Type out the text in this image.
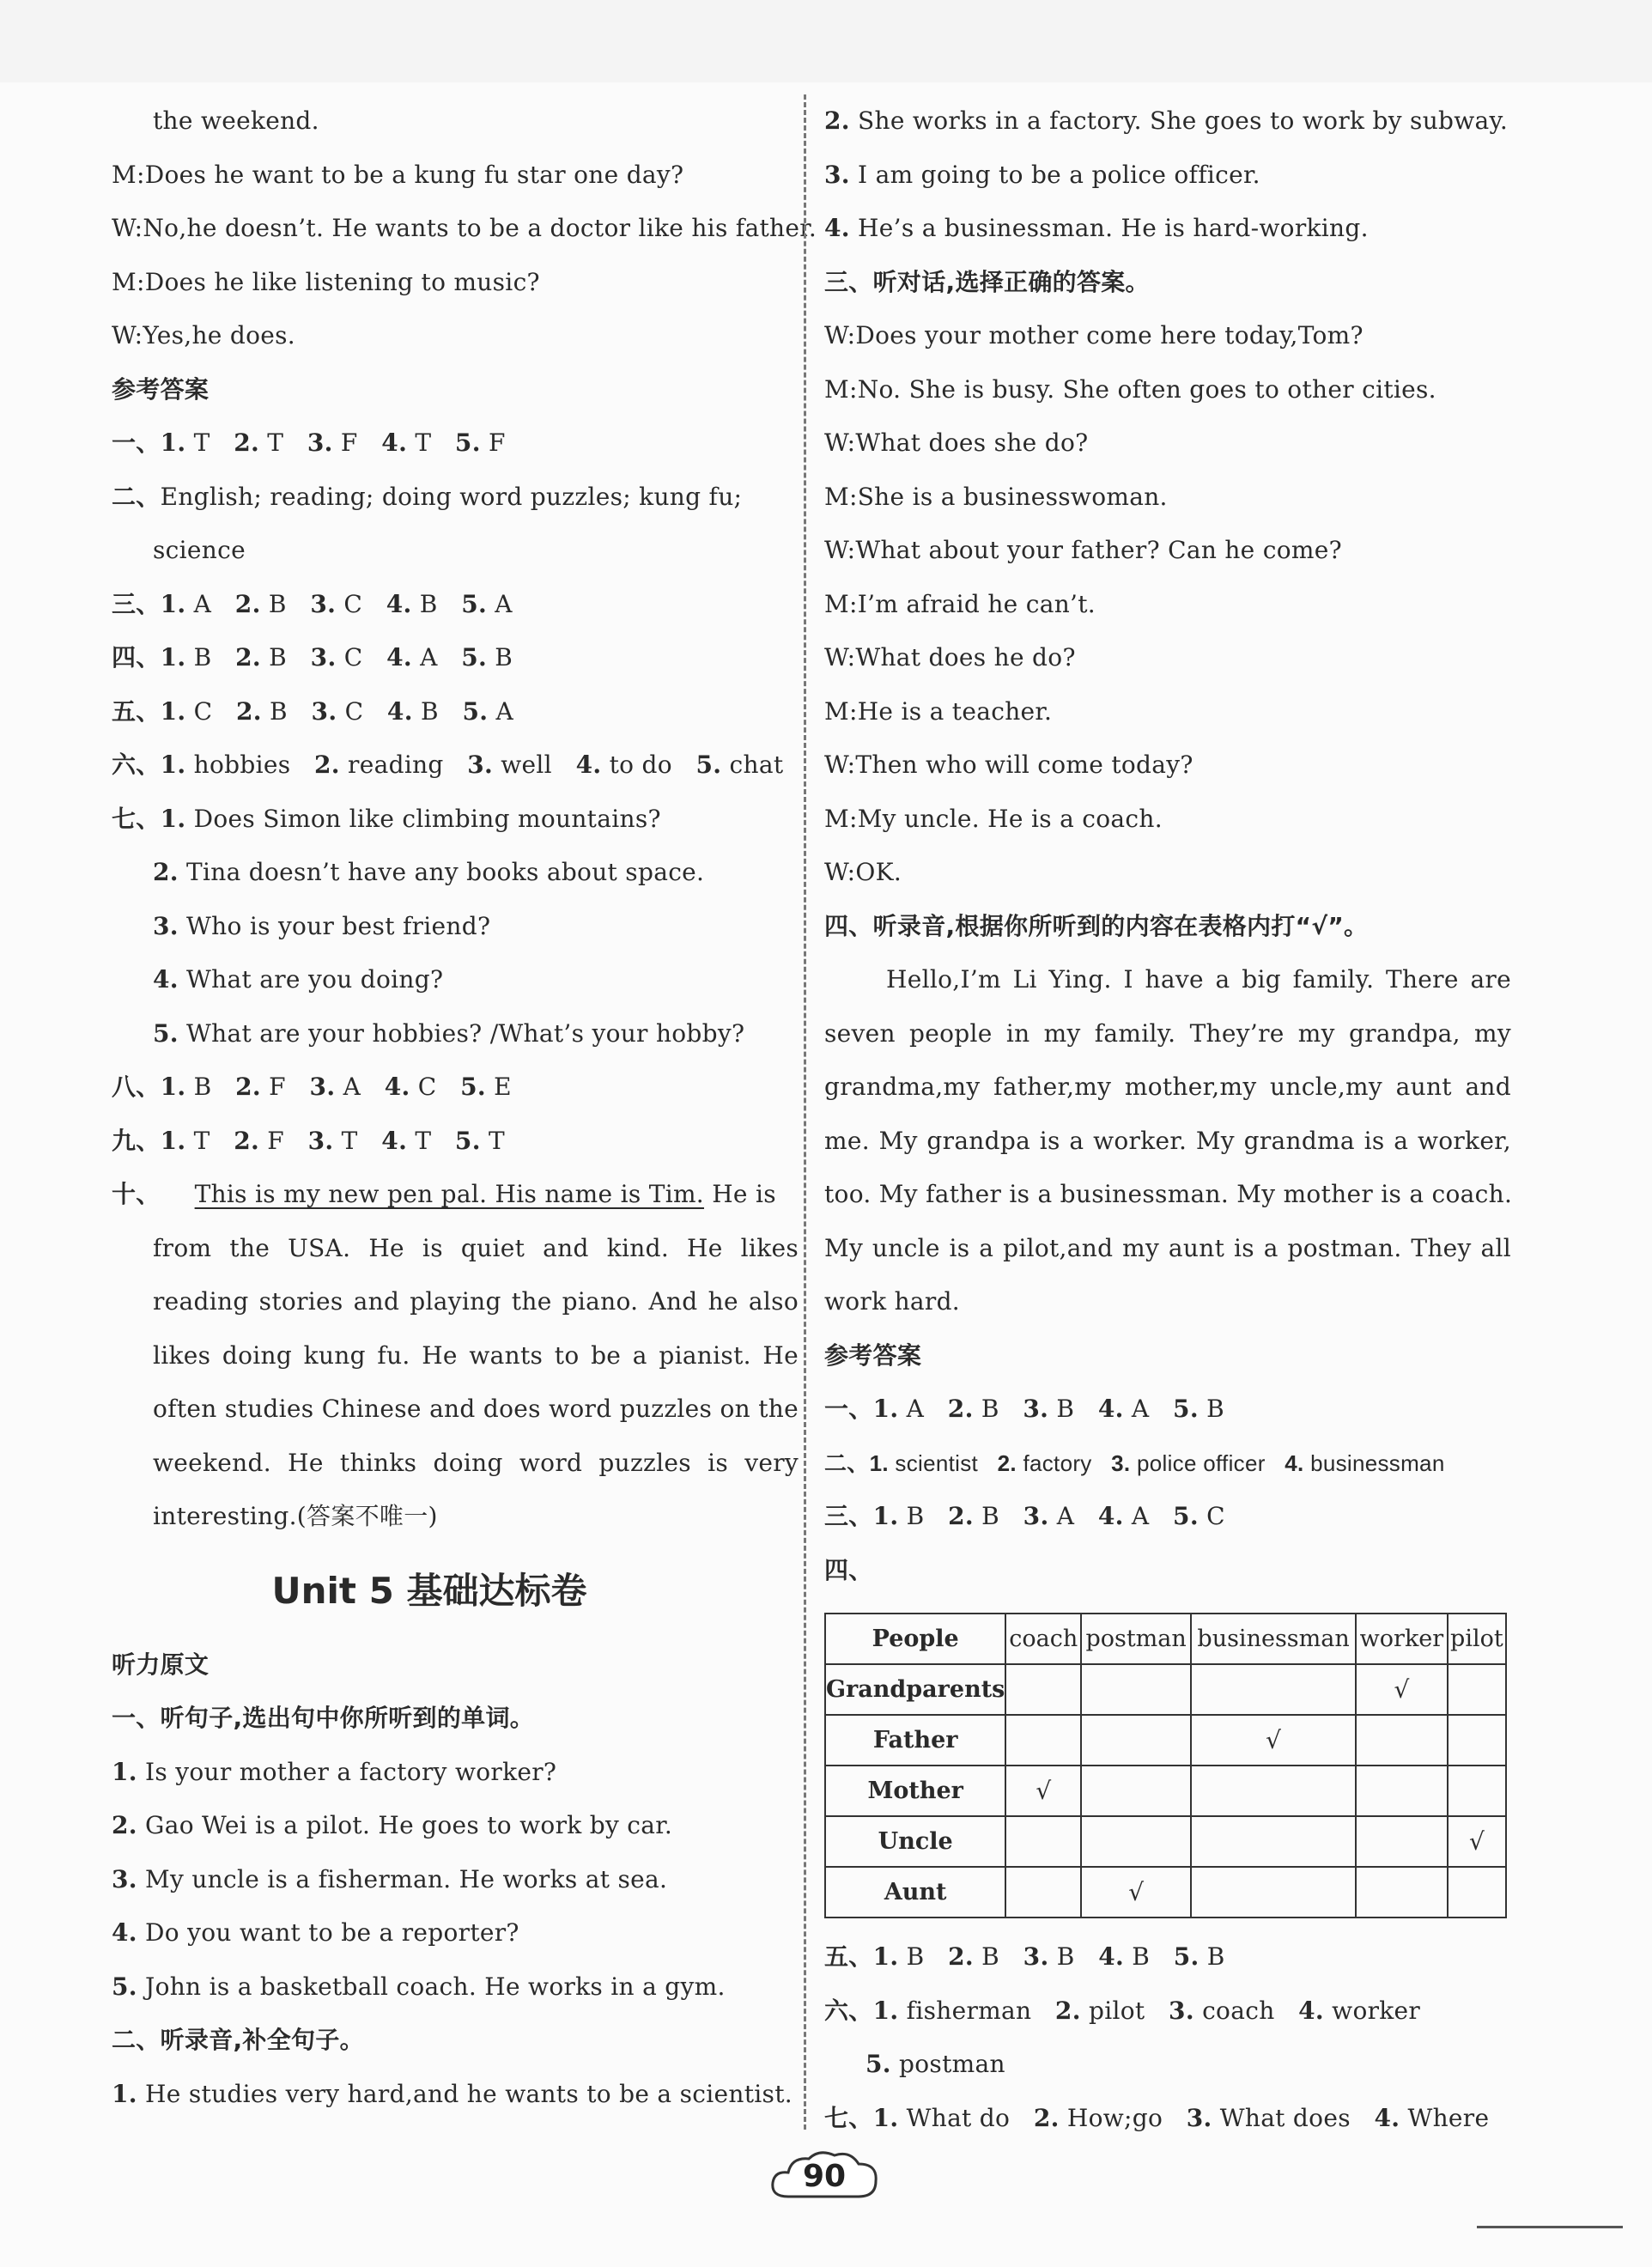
the weekend.
M:Does he want to be a kung fu star one day?
W:No,he doesn’t. He wants to be a doctor like his father.
M:Does he like listening to music?
W:Yes,he does.
参考答案
一、1. T 2. T 3. F 4. T 5. F
二、English; reading; doing word puzzles; kung fu;
science
三、1. A 2. B 3. C 4. B 5. A
四、1. B 2. B 3. C 4. A 5. B
五、1. C 2. B 3. C 4. B 5. A
六、1. hobbies 2. reading 3. well 4. to do 5. chat
七、1. Does Simon like climbing mountains?
2. Tina doesn’t have any books about space.
3. Who is your best friend?
4. What are you doing?
5. What are your hobbies? /What’s your hobby?
八、1. B 2. F 3. A 4. C 5. E
九、1. T 2. F 3. T 4. T 5. T
十、 This is my new pen pal. His name is Tim. He is
from the USA. He is quiet and kind. He likes
reading stories and playing the piano. And he also
likes doing kung fu. He wants to be a pianist. He
often studies Chinese and does word puzzles on the
weekend. He thinks doing word puzzles is very
interesting.(答案不唯一)
Unit 5 基础达标卷
听力原文
一、听句子,选出句中你所听到的单词。
1. Is your mother a factory worker?
2. Gao Wei is a pilot. He goes to work by car.
3. My uncle is a fisherman. He works at sea.
4. Do you want to be a reporter?
5. John is a basketball coach. He works in a gym.
二、听录音,补全句子。
1. He studies very hard,and he wants to be a scientist.
2. She works in a factory. She goes to work by subway.
3. I am going to be a police officer.
4. He’s a businessman. He is hard-working.
三、听对话,选择正确的答案。
W:Does your mother come here today,Tom?
M:No. She is busy. She often goes to other cities.
W:What does she do?
M:She is a businesswoman.
W:What about your father? Can he come?
M:I’m afraid he can’t.
W:What does he do?
M:He is a teacher.
W:Then who will come today?
M:My uncle. He is a coach.
W:OK.
四、听录音,根据你所听到的内容在表格内打“√”。
Hello,I’m Li Ying. I have a big family. There are
seven people in my family. They’re my grandpa, my
grandma,my father,my mother,my uncle,my aunt and
me. My grandpa is a worker. My grandma is a worker,
too. My father is a businessman. My mother is a coach.
My uncle is a pilot,and my aunt is a postman. They all
work hard.
参考答案
一、1. A 2. B 3. B 4. A 5. B
二、1. scientist 2. factory 3. police officer 4. businessman
三、1. B 2. B 3. A 4. A 5. C
四、
People	coach	postman	businessman	worker	pilot
Grandparents				√	
Father			√		
Mother	√				
Uncle					√
Aunt		√			
五、1. B 2. B 3. B 4. B 5. B
六、1. fisherman 2. pilot 3. coach 4. worker
5. postman
七、1. What do 2. How;go 3. What does 4. Where
90
